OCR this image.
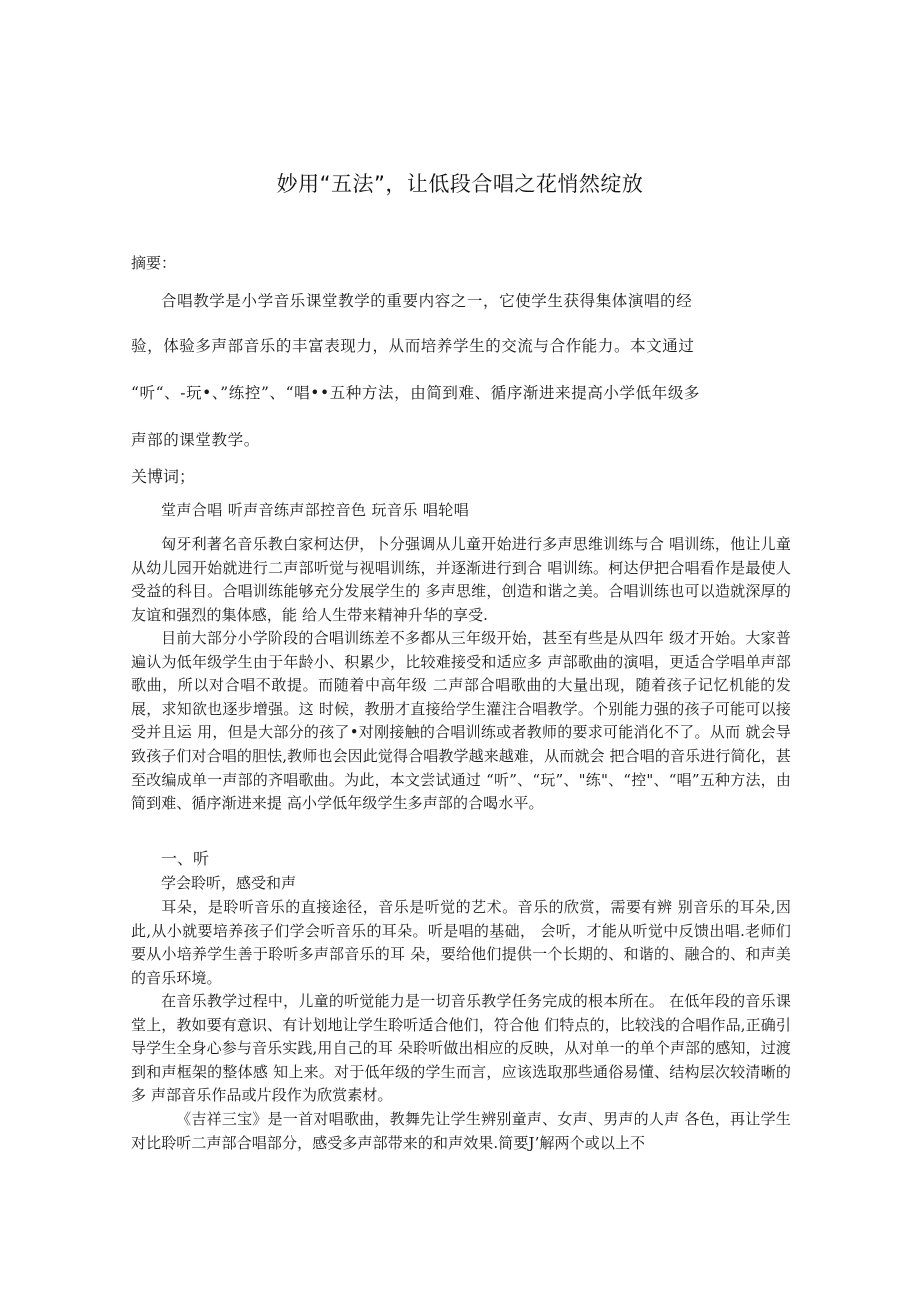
妙用“五法”，让低段合唱之花悄然绽放
摘要：
合唱教学是小学音乐课堂教学的重要内容之一，它使学生获得集体演唱的经
验，体验多声部音乐的丰富表现力，从而培养学生的交流与合作能力。本文通过
“听“、-玩•、”练控”、“唱••五种方法，由简到难、循序渐进来提高小学低年级多
声部的课堂教学。
关博词；
堂声合唱 听声音练声部控音色 玩音乐 唱轮唱
匈牙利著名音乐教白家柯达伊，卜分强调从儿童开始进行多声思维训练与合 唱训练，他让儿童从幼儿园开始就进行二声部听觉与视唱训练，并逐渐进行到合 唱训练。柯达伊把合唱看作是最使人受益的科目。合唱训练能够充分发展学生的 多声思维，创造和谐之美。合唱训练也可以造就深厚的友谊和强烈的集体感，能 给人生带来精神升华的享受.
目前大部分小学阶段的合唱训练差不多都从三年级开始，甚至有些是从四年 级才开始。大家普遍认为低年级学生由于年龄小、积累少，比较难接受和适应多 声部歌曲的演唱，更适合学唱单声部歌曲，所以对合唱不敢提。而随着中高年级 二声部合唱歌曲的大量出现，随着孩子记忆机能的发展，求知欲也逐步增强。这 时候，教册才直接给学生灌注合唱教学。个别能力强的孩子可能可以接受并且运 用，但是大部分的孩了•对刚接触的合唱训练或者教师的要求可能消化不了。从而 就会导致孩子们对合唱的胆怯,教师也会因此觉得合唱教学越来越难，从而就会 把合唱的音乐进行简化，甚至改编成单一声部的齐唱歌曲。为此，本文尝试通过 “听”、“玩”、"练"、“控"、“唱”五种方法，由简到难、循序渐进来提 高小学低年级学生多声部的合喝水平。
一、听
学会聆听，感受和声
耳朵，是聆听音乐的直接途径，音乐是听觉的艺术。音乐的欣赏，需要有辨 别音乐的耳朵,因此,从小就要培养孩子们学会听音乐的耳朵。听是唱的基础， 会听，才能从听觉中反馈出唱.老师们要从小培养学生善于聆听多声部音乐的耳 朵，要给他们提供一个长期的、和谐的、融合的、和声美的音乐环境。
在音乐教学过程中，儿童的听觉能力是一切音乐教学任务完成的根本所在。 在低年段的音乐课堂上，教如要有意识、有计划地让学生聆听适合他们，符合他 们特点的，比较浅的合唱作品,正确引导学生全身心参与音乐实践,用自己的耳 朵聆听做出相应的反映，从对单一的单个声部的感知，过渡到和声框架的整体感 知上来。对于低年级的学生而言，应该选取那些通俗易懂、结构层次较清晰的多 声部音乐作品或片段作为欣赏素材。
《吉祥三宝》是一首对唱歌曲，教舞先让学生辨别童声、女声、男声的人声 各色，再让学生对比聆听二声部合唱部分，感受多声部带来的和声效果.简要J’解两个或以上不
